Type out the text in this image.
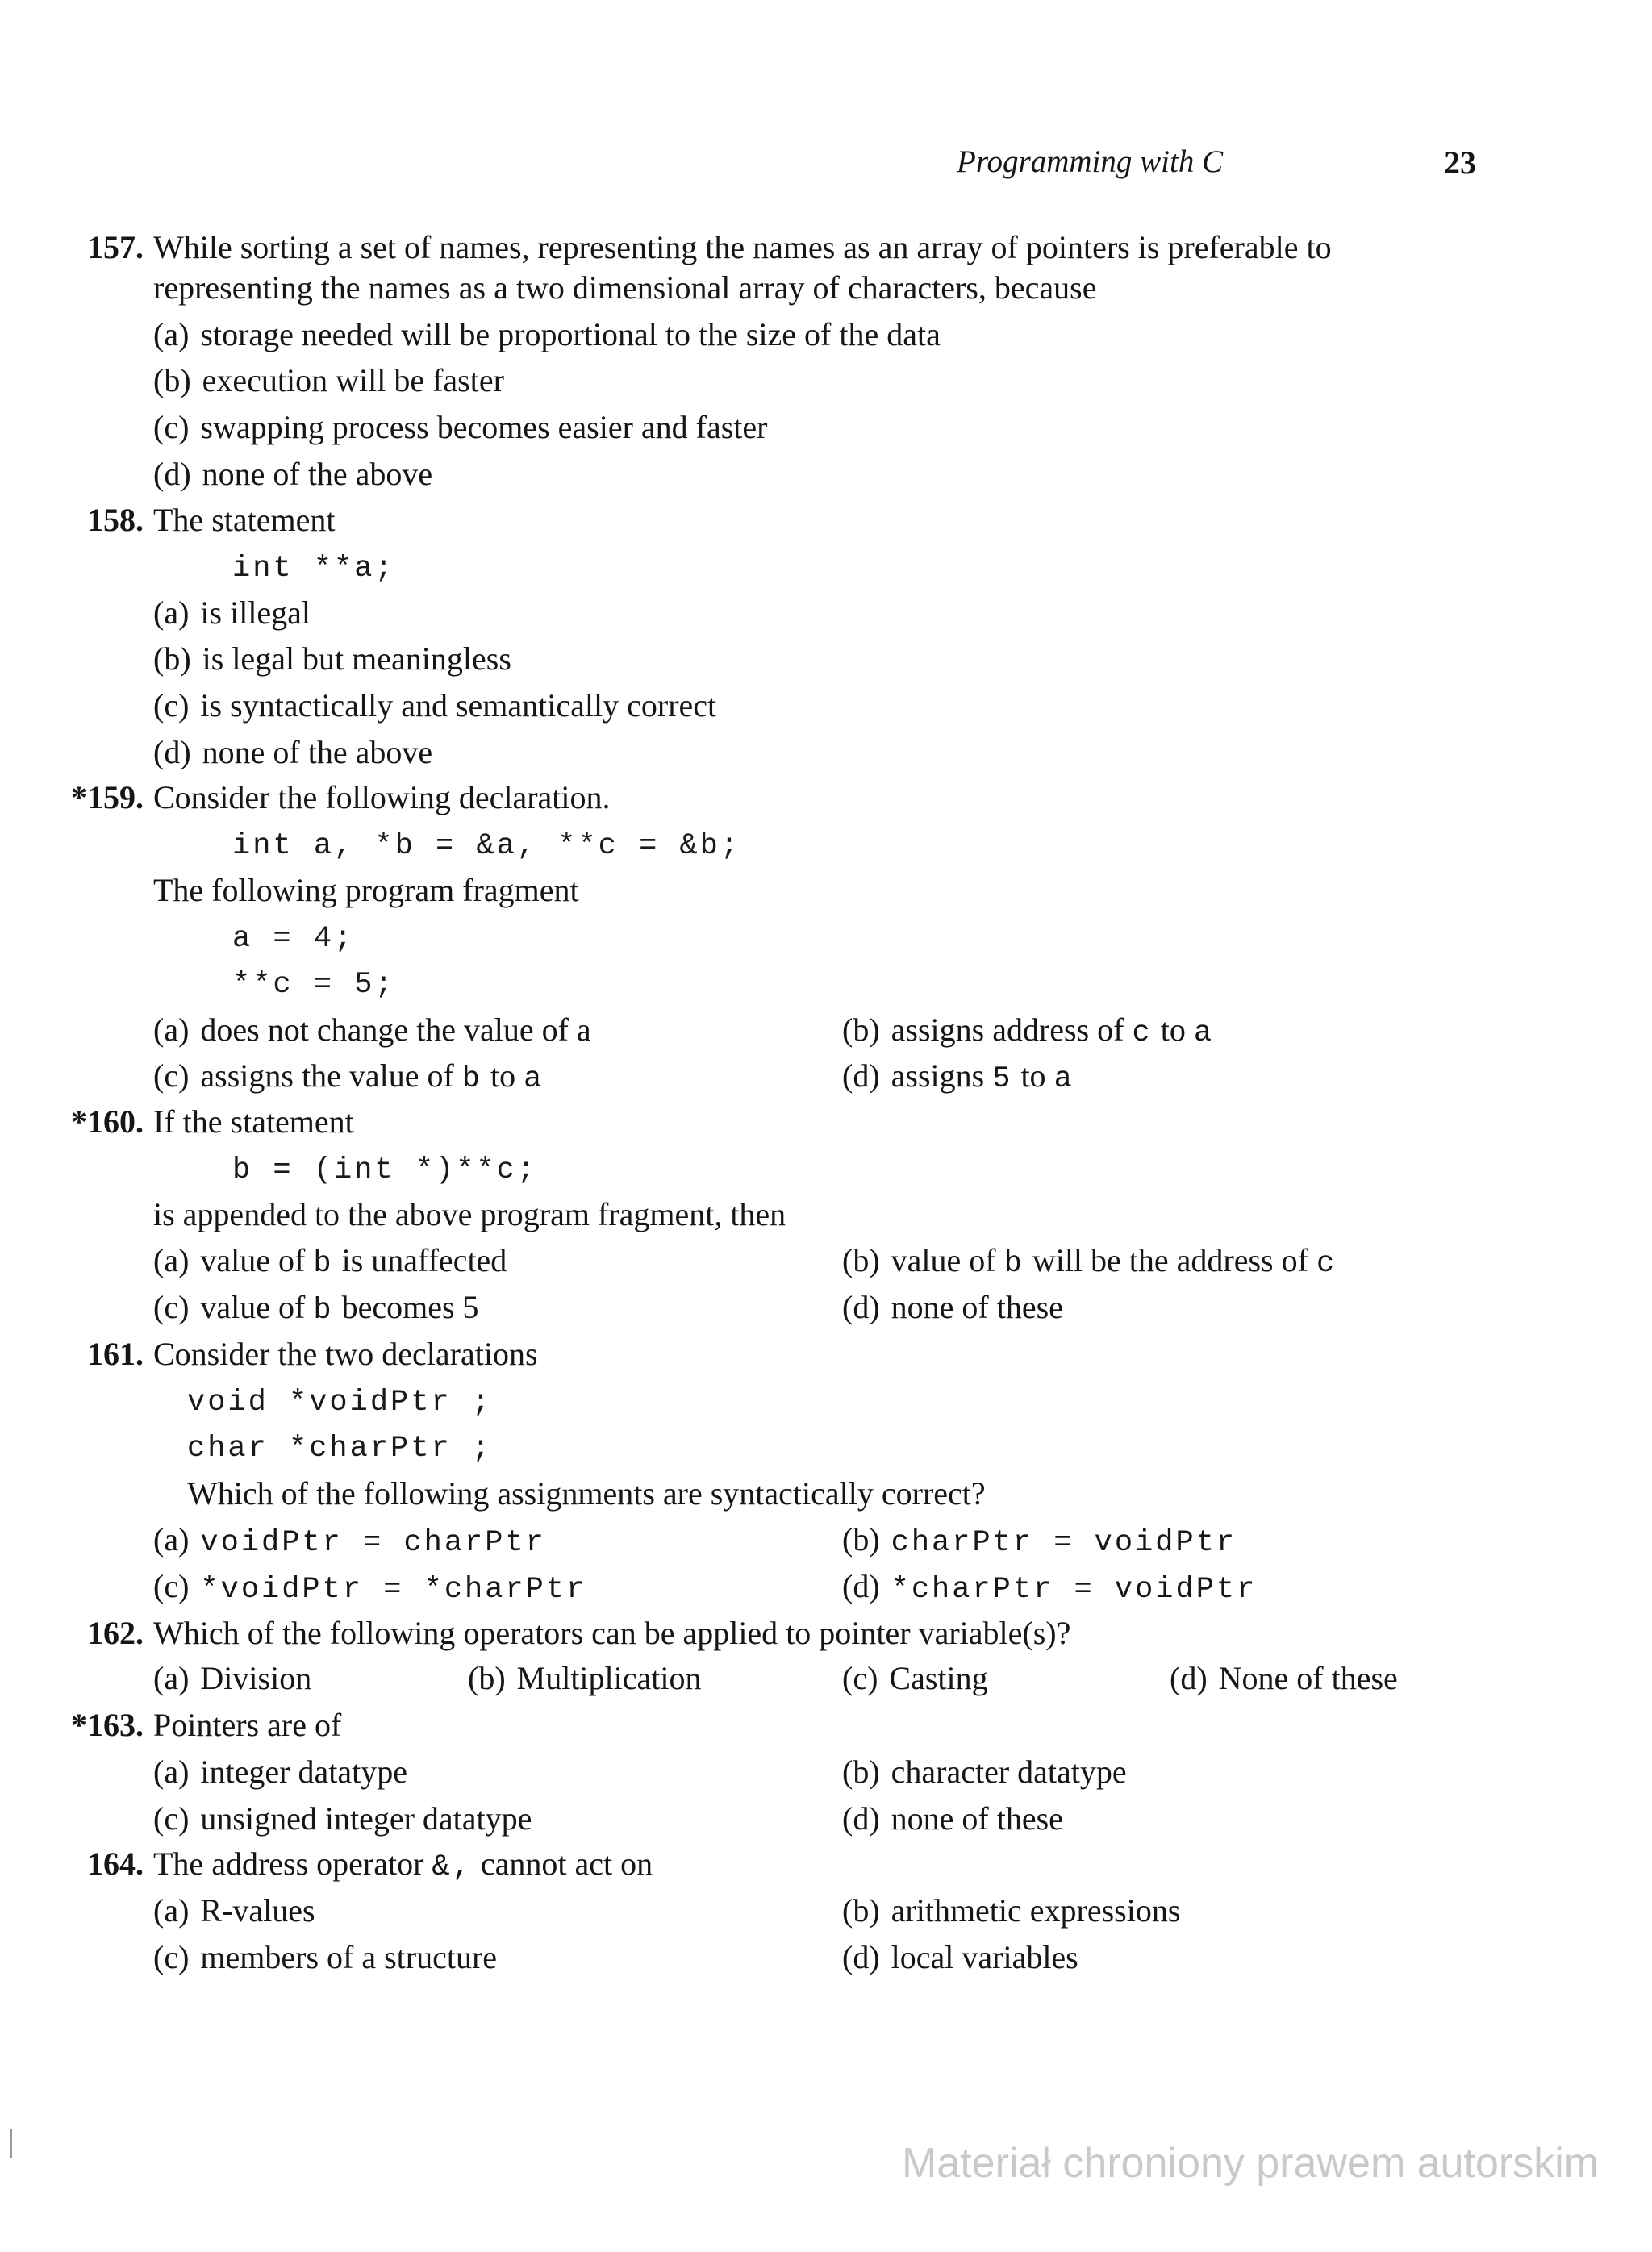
Programming with C	23
157. While sorting a set of names, representing the names as an array of pointers is preferable to
representing the names as a two dimensional array of characters, because
(a) storage needed will be proportional to the size of the data
(b) execution will be faster
(c) swapping process becomes easier and faster
(d) none of the above
158. The statement
int **a;
(a) is illegal
(b) is legal but meaningless
(c) is syntactically and semantically correct
(d) none of the above
*159. Consider the following declaration.
int a, *b = &a, **c = &b;
The following program fragment
a = 4;
**c = 5;
(a) does not change the value of a	(b) assigns address of c to a
(c) assigns the value of b to a	(d) assigns 5 to a
*160. If the statement
b = (int *)**c;
is appended to the above program fragment, then
(a) value of b is unaffected	(b) value of b will be the address of c
(c) value of b becomes 5	(d) none of these
161. Consider the two declarations
void *voidPtr ;
char *charPtr ;
Which of the following assignments are syntactically correct?
(a) voidPtr = charPtr	(b) charPtr = voidPtr
(c) *voidPtr = *charPtr	(d) *charPtr = voidPtr
162. Which of the following operators can be applied to pointer variable(s)?
(a) Division	(b) Multiplication	(c) Casting	(d) None of these
*163. Pointers are of
(a) integer datatype	(b) character datatype
(c) unsigned integer datatype	(d) none of these
164. The address operator &, cannot act on
(a) R-values	(b) arithmetic expressions
(c) members of a structure	(d) local variables
Materiał chroniony prawem autorskim
